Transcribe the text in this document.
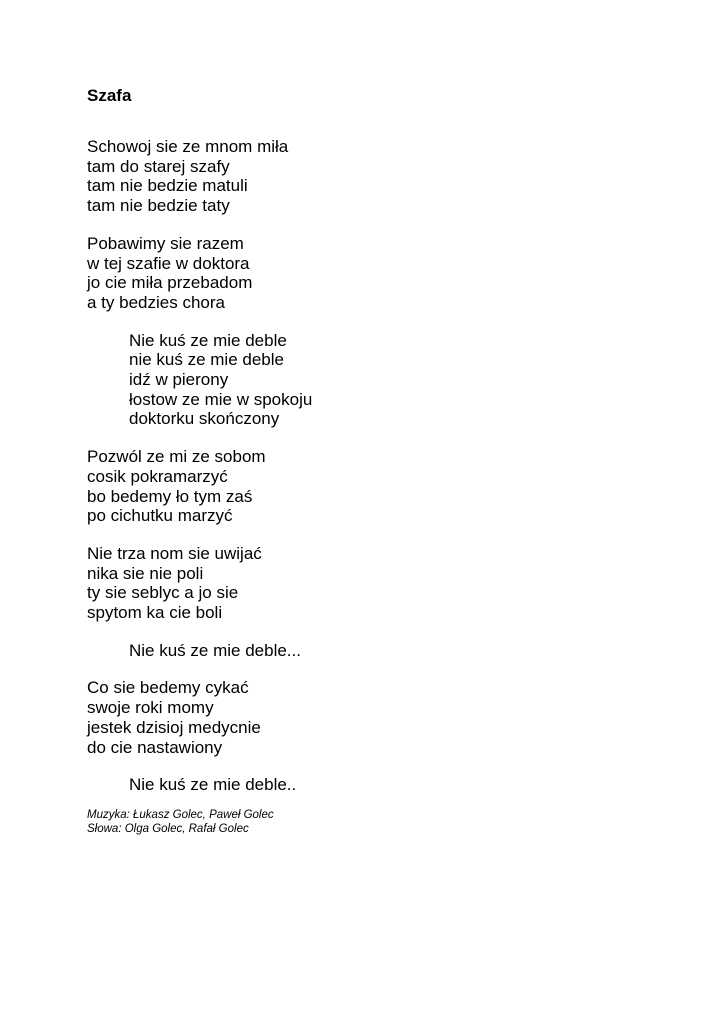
Szafa
Schowoj sie ze mnom miła
tam do starej szafy
tam nie bedzie matuli
tam nie bedzie taty
Pobawimy sie razem
w tej szafie w doktora
jo cie miła przebadom
a ty bedzies chora
Nie kuś ze mie deble
nie kuś ze mie deble
idź w pierony
łostow ze mie w spokoju
doktorku skończony
Pozwól ze mi ze sobom
cosik pokramarzyć
bo bedemy ło tym zaś
po cichutku marzyć
Nie trza nom sie uwijać
nika sie nie poli
ty sie seblyc a jo sie
spytom ka cie boli
Nie kuś ze mie deble...
Co sie bedemy cykać
swoje roki momy
jestek dzisioj medycnie
do cie nastawiony
Nie kuś ze mie deble..
Muzyka: Łukasz Golec, Paweł Golec
Słowa: Olga Golec, Rafał Golec
